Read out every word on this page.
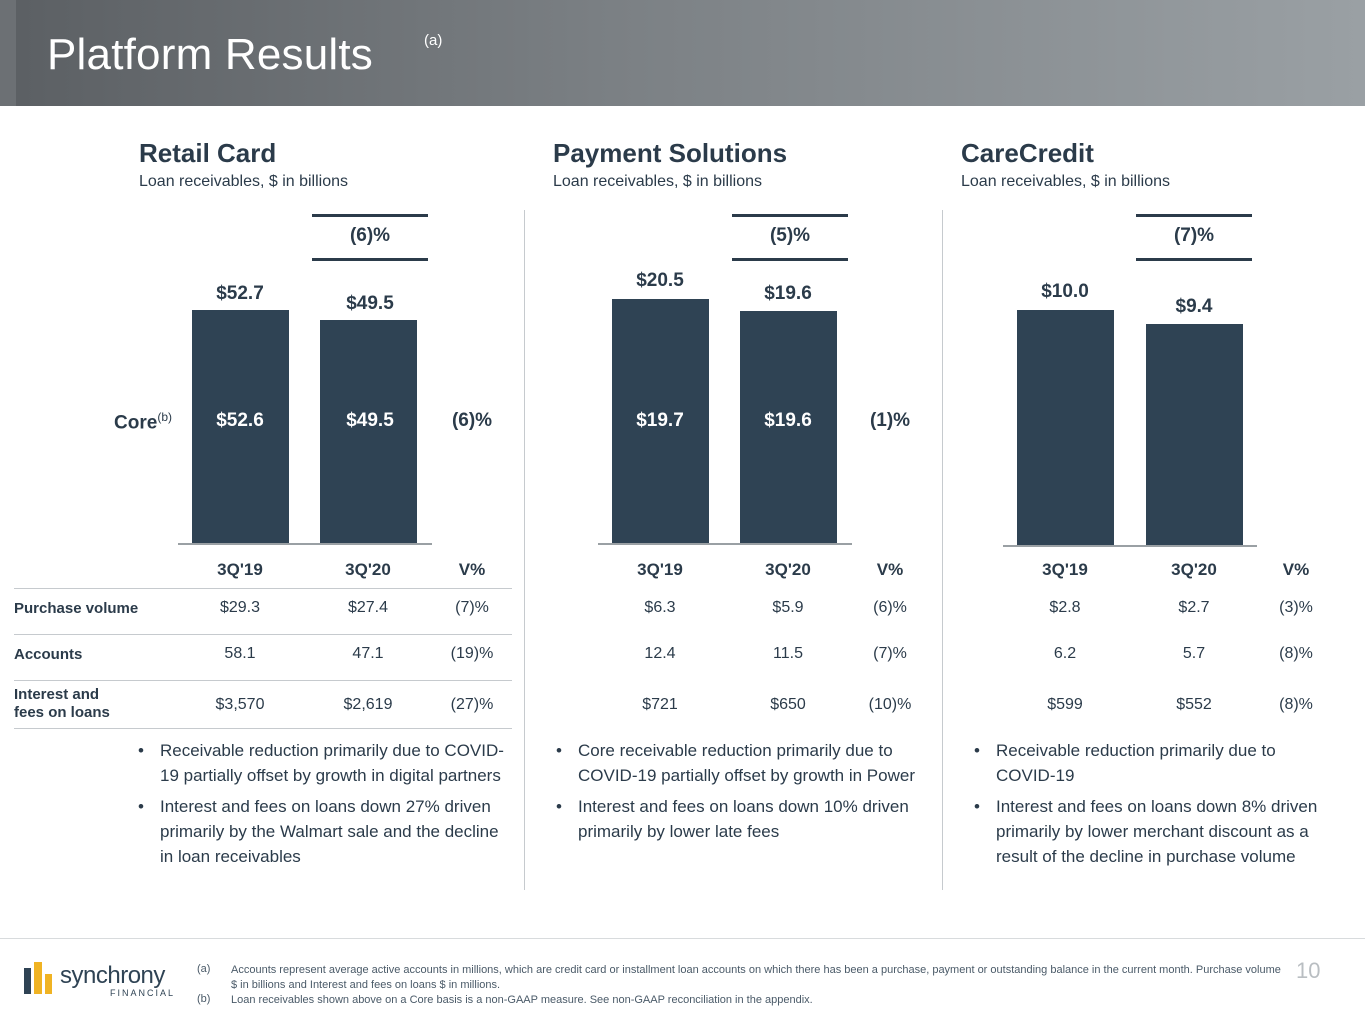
Platform Results	(a)
Retail Card
Loan receivables, $ in billions
(6)%
$52.7
$52.6
$49.5
$49.5
Core$^{(b)}$	(6)%
3Q'19	3Q'20	V%
Purchase volume	$29.3	$27.4	(7)%
Accounts	58.1	47.1	(19)%
Interest and
fees on loans	$3,570	$2,619	(27)%
• Receivable reduction primarily due to COVID-19 partially offset by growth in digital partners
• Interest and fees on loans down 27% driven primarily by the Walmart sale and the decline in loan receivables
Payment Solutions
Loan receivables, $ in billions
(5)%
$20.5
$19.7
$19.6
$19.6	(1)%
3Q'19	3Q'20	V%
$6.3	$5.9	(6)%
12.4	11.5	(7)%
$721	$650	(10)%
• Core receivable reduction primarily due to COVID-19 partially offset by growth in Power
• Interest and fees on loans down 10% driven primarily by lower late fees
CareCredit
Loan receivables, $ in billions
(7)%
$10.0
$9.4
3Q'19	3Q'20	V%
$2.8	$2.7	(3)%
6.2	5.7	(8)%
$599	$552	(8)%
• Receivable reduction primarily due to COVID-19
• Interest and fees on loans down 8% driven primarily by lower merchant discount as a result of the decline in purchase volume
synchrony
FINANCIAL
(a) Accounts represent average active accounts in millions, which are credit card or installment loan accounts on which there has been a purchase, payment or outstanding balance in the current month. Purchase volume $ in billions and Interest and fees on loans $ in millions.
(b) Loan receivables shown above on a Core basis is a non-GAAP measure. See non-GAAP reconciliation in the appendix.
10
